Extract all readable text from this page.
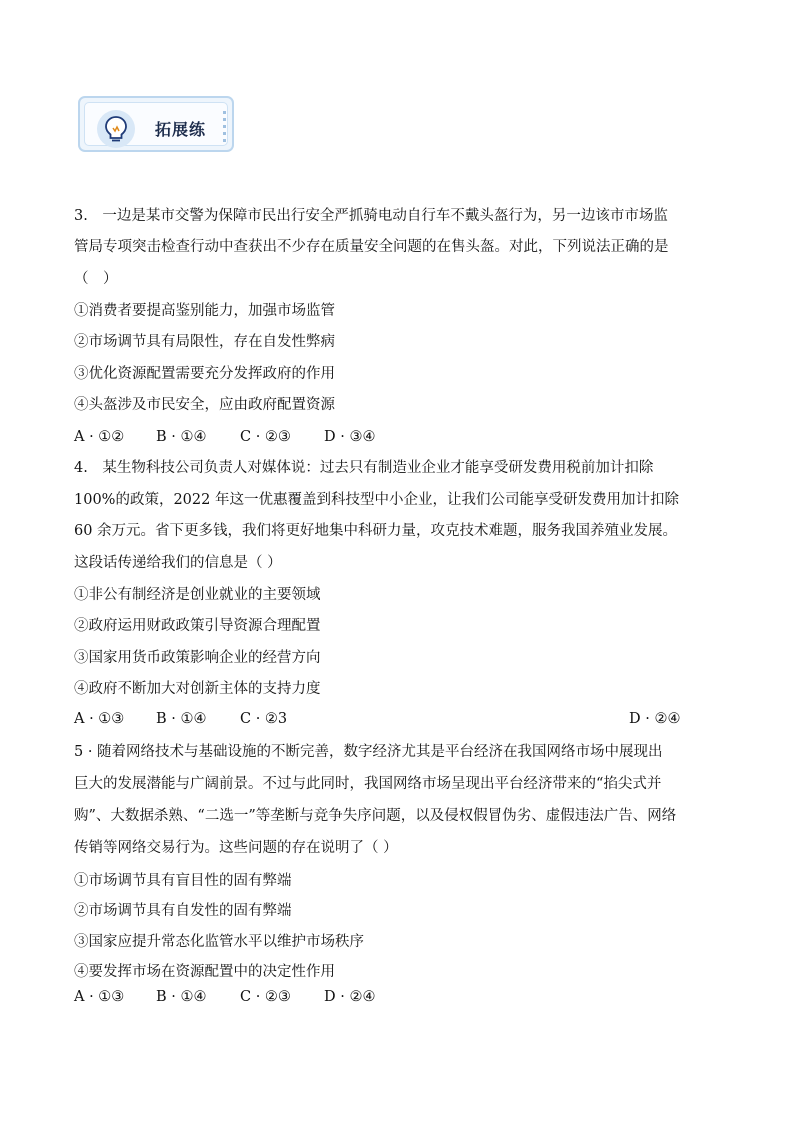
拓展练
3.　一边是某市交警为保障市民出行安全严抓骑电动自行车不戴头盔行为，另一边该市市场监
管局专项突击检查行动中查获出不少存在质量安全问题的在售头盔。对此，下列说法正确的是
（　）
①消费者要提高鉴别能力，加强市场监管
②市场调节具有局限性，存在自发性弊病
③优化资源配置需要充分发挥政府的作用
④头盔涉及市民安全，应由政府配置资源
A · ①② B · ①④ C · ②③ D · ③④
4.　某生物科技公司负责人对媒体说：过去只有制造业企业才能享受研发费用税前加计扣除
100%的政策，2022 年这一优惠覆盖到科技型中小企业，让我们公司能享受研发费用加计扣除
60 余万元。省下更多钱，我们将更好地集中科研力量，攻克技术难题，服务我国养殖业发展。
这段话传递给我们的信息是（ ）
①非公有制经济是创业就业的主要领域
②政府运用财政政策引导资源合理配置
③国家用货币政策影响企业的经营方向
④政府不断加大对创新主体的支持力度
A · ①③ B · ①④ C · ②3	D · ②④
5 · 随着网络技术与基础设施的不断完善，数字经济尤其是平台经济在我国网络市场中展现出
巨大的发展潜能与广阔前景。不过与此同时，我国网络市场呈现出平台经济带来的“掐尖式并
购”、大数据杀熟、“二选一”等垄断与竞争失序问题，以及侵权假冒伪劣、虚假违法广告、网络
传销等网络交易行为。这些问题的存在说明了（ ）
①市场调节具有盲目性的固有弊端
②市场调节具有自发性的固有弊端
③国家应提升常态化监管水平以维护市场秩序
④要发挥市场在资源配置中的决定性作用
A · ①③ B · ①④ C · ②③ D · ②④
